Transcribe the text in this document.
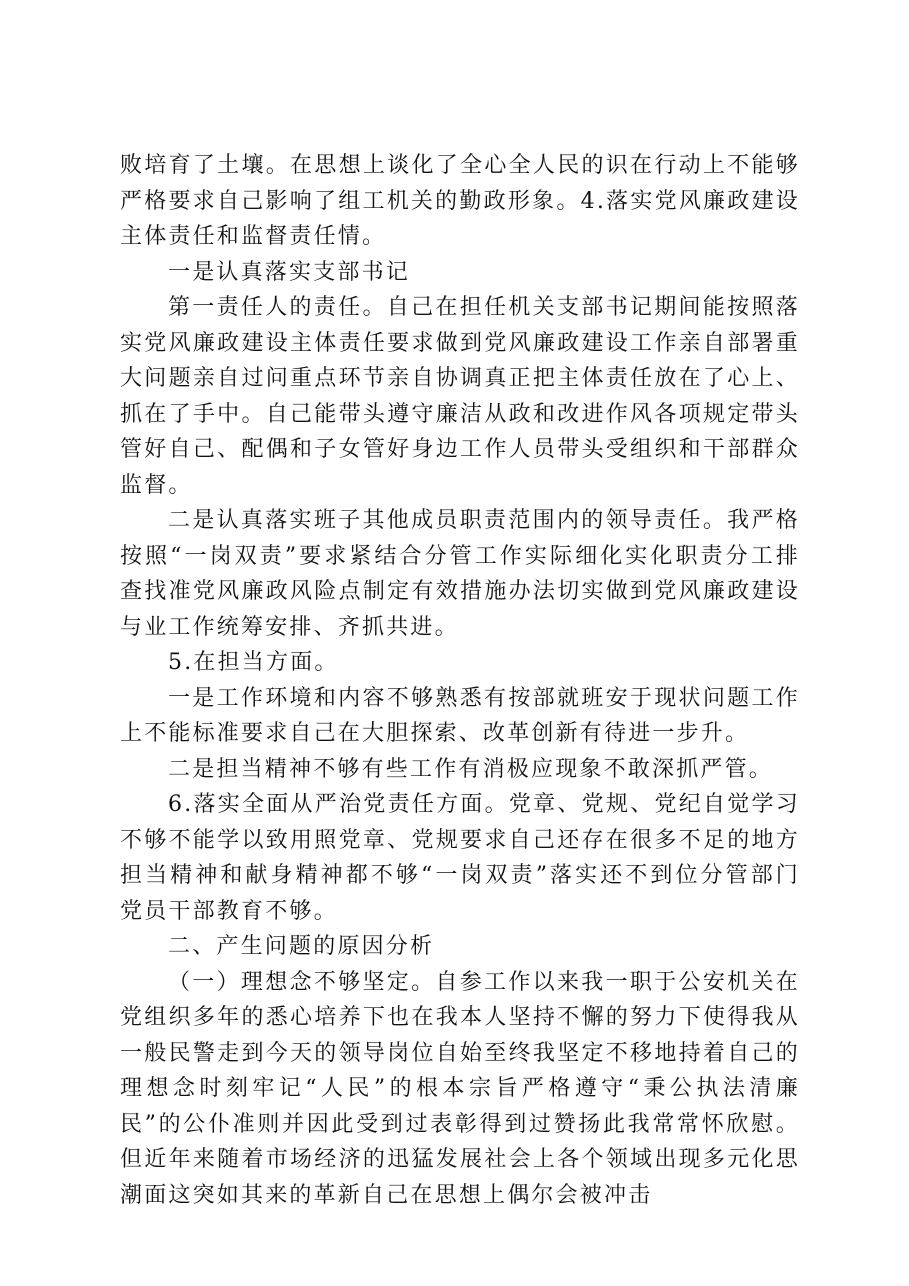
败培育了土壤。在思想上谈化了全心全人民的识在行动上不能够严格要求自己影响了组工机关的勤政形象。4.落实党风廉政建设主体责任和监督责任情。

一是认真落实支部书记

第一责任人的责任。自己在担任机关支部书记期间能按照落实党风廉政建设主体责任要求做到党风廉政建设工作亲自部署重大问题亲自过问重点环节亲自协调真正把主体责任放在了心上、抓在了手中。自己能带头遵守廉洁从政和改进作风各项规定带头管好自己、配偶和子女管好身边工作人员带头受组织和干部群众监督。

二是认真落实班子其他成员职责范围内的领导责任。我严格按照“一岗双责”要求紧结合分管工作实际细化实化职责分工排查找准党风廉政风险点制定有效措施办法切实做到党风廉政建设与业工作统筹安排、齐抓共进。

5.在担当方面。

一是工作环境和内容不够熟悉有按部就班安于现状问题工作上不能标准要求自己在大胆探索、改革创新有待进一步升。

二是担当精神不够有些工作有消极应现象不敢深抓严管。

6.落实全面从严治党责任方面。党章、党规、党纪自觉学习不够不能学以致用照党章、党规要求自己还存在很多不足的地方担当精神和献身精神都不够“一岗双责”落实还不到位分管部门党员干部教育不够。

二、产生问题的原因分析

（一）理想念不够坚定。自参工作以来我一职于公安机关在党组织多年的悉心培养下也在我本人坚持不懈的努力下使得我从一般民警走到今天的领导岗位自始至终我坚定不移地持着自己的理想念时刻牢记“人民”的根本宗旨严格遵守“秉公执法清廉民”的公仆准则并因此受到过表彰得到过赞扬此我常常怀欣慰。但近年来随着市场经济的迅猛发展社会上各个领域出现多元化思潮面这突如其来的革新自己在思想上偶尔会被冲击
